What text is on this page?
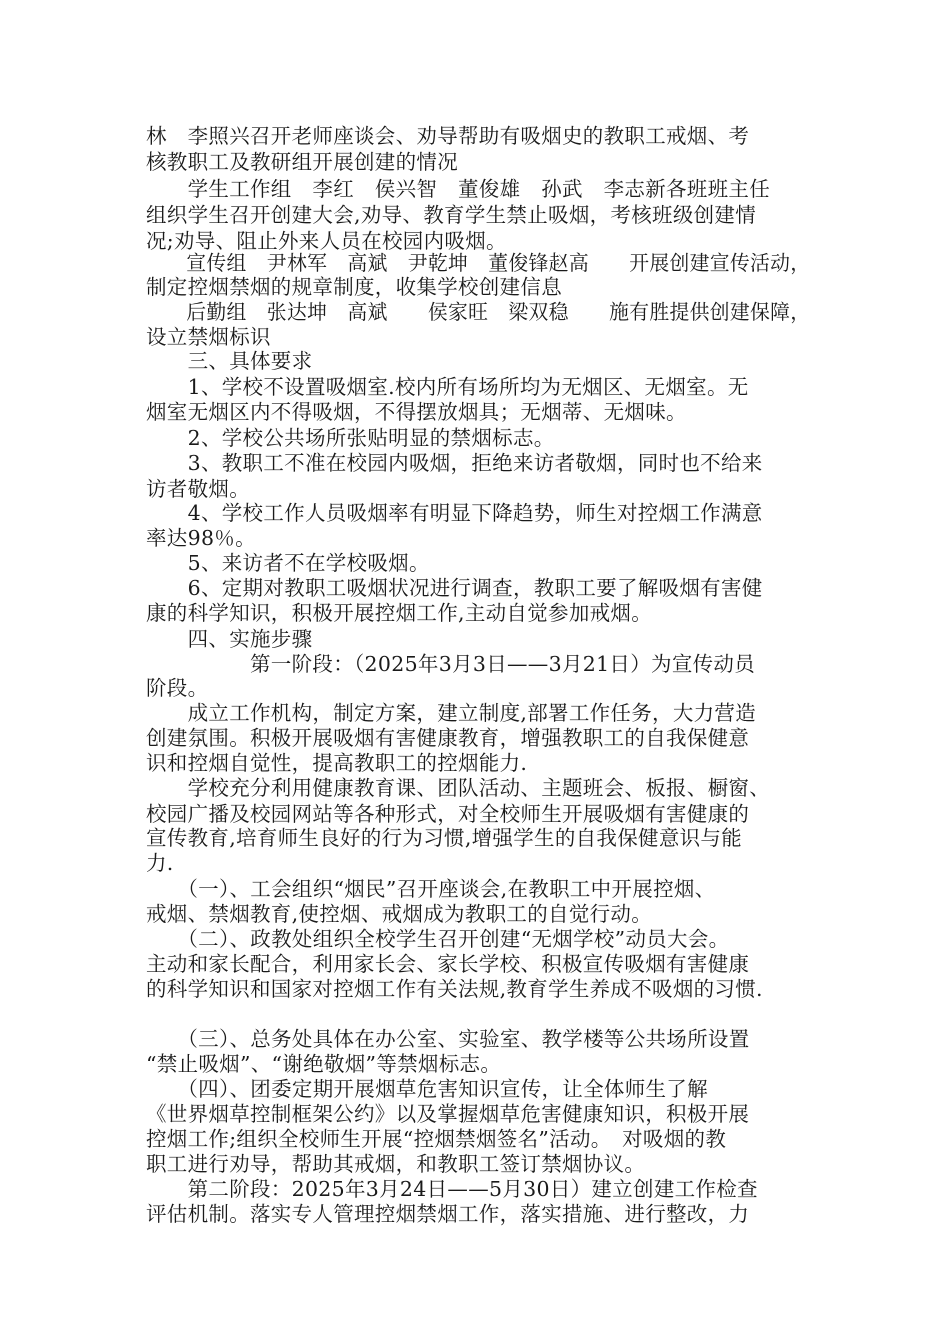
林　李照兴召开老师座谈会、劝导帮助有吸烟史的教职工戒烟、考

核教职工及教研组开展创建的情况

　　学生工作组　李红　侯兴智　董俊雄　孙武　李志新各班班主任

组织学生召开创建大会,劝导、教育学生禁止吸烟，考核班级创建情

况;劝导、阻止外来人员在校园内吸烟。

　　宣传组　尹林军　高斌　尹乾坤　董俊锋赵高　　开展创建宣传活动，

制定控烟禁烟的规章制度，收集学校创建信息

　　后勤组　张达坤　高斌　　侯家旺　梁双稳　　施有胜提供创建保障，

设立禁烟标识

　　三、具体要求

　　1、学校不设置吸烟室.校内所有场所均为无烟区、无烟室。无

烟室无烟区内不得吸烟，不得摆放烟具；无烟蒂、无烟味。

　　2、学校公共场所张贴明显的禁烟标志。

　　3、教职工不准在校园内吸烟，拒绝来访者敬烟，同时也不给来

访者敬烟。

　　4、学校工作人员吸烟率有明显下降趋势，师生对控烟工作满意

率达98％。

　　5、来访者不在学校吸烟。

　　6、定期对教职工吸烟状况进行调查，教职工要了解吸烟有害健

康的科学知识，积极开展控烟工作,主动自觉参加戒烟。

　　四、实施步骤

　　　　　第一阶段：（2025年3月3日——3月21日）为宣传动员

阶段。

　　成立工作机构，制定方案，建立制度,部署工作任务，大力营造

创建氛围。积极开展吸烟有害健康教育，增强教职工的自我保健意

识和控烟自觉性，提高教职工的控烟能力.

　　学校充分利用健康教育课、团队活动、主题班会、板报、橱窗、

校园广播及校园网站等各种形式，对全校师生开展吸烟有害健康的

宣传教育,培育师生良好的行为习惯,增强学生的自我保健意识与能

力.

　　（一）、工会组织“烟民”召开座谈会,在教职工中开展控烟、

戒烟、禁烟教育,使控烟、戒烟成为教职工的自觉行动。

　　（二）、政教处组织全校学生召开创建“无烟学校”动员大会。

主动和家长配合，利用家长会、家长学校、积极宣传吸烟有害健康

的科学知识和国家对控烟工作有关法规,教育学生养成不吸烟的习惯.

　　（三）、总务处具体在办公室、实验室、教学楼等公共场所设置

“禁止吸烟”、“谢绝敬烟”等禁烟标志。

　　（四）、团委定期开展烟草危害知识宣传，让全体师生了解

《世界烟草控制框架公约》以及掌握烟草危害健康知识，积极开展

控烟工作;组织全校师生开展“控烟禁烟签名”活动。　对吸烟的教

职工进行劝导，帮助其戒烟，和教职工签订禁烟协议。

　　第二阶段：2025年3月24日——5月30日）建立创建工作检查

评估机制。落实专人管理控烟禁烟工作，落实措施、进行整改，力
